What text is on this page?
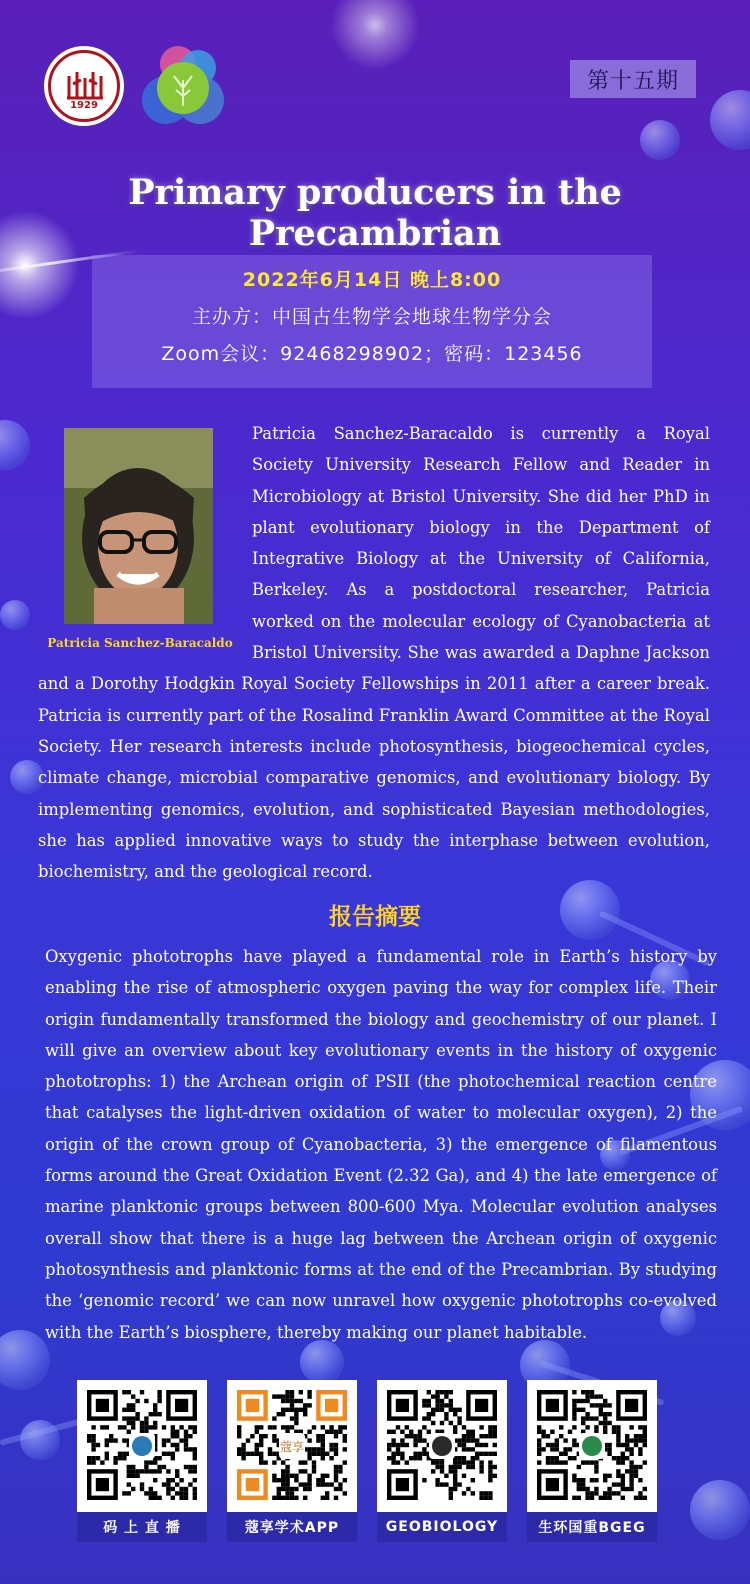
1929
第十五期
Primary producers in the Precambrian
2022年6月14日 晚上8:00
主办方：中国古生物学会地球生物学分会
Zoom会议：92468298902；密码：123456

Patricia Sanchez-Baracaldo is currently a Royal Society University Research Fellow and Reader in Microbiology at Bristol University. She did her PhD in plant evolutionary biology in the Department of Integrative Biology at the University of California, Berkeley. As a postdoctoral researcher, Patricia worked on the molecular ecology of Cyanobacteria at Bristol University. She was awarded a Daphne Jackson and a Dorothy Hodgkin Royal Society Fellowships in 2011 after a career break. Patricia is currently part of the Rosalind Franklin Award Committee at the Royal Society. Her research interests include photosynthesis, biogeochemical cycles, climate change, microbial comparative genomics, and evolutionary biology. By implementing genomics, evolution, and sophisticated Bayesian methodologies, she has applied innovative ways to study the interphase between evolution, biochemistry, and the geological record.

Patricia Sanchez-Baracaldo
报告摘要

Oxygenic phototrophs have played a fundamental role in Earth’s history by enabling the rise of atmospheric oxygen paving the way for complex life. Their origin fundamentally transformed the biology and geochemistry of our planet. I will give an overview about key evolutionary events in the history of oxygenic phototrophs: 1) the Archean origin of PSII (the photochemical reaction centre that catalyses the light-driven oxidation of water to molecular oxygen), 2) the origin of the crown group of Cyanobacteria, 3) the emergence of filamentous forms around the Great Oxidation Event (2.32 Ga), and 4) the late emergence of marine planktonic groups between 800-600 Mya. Molecular evolution analyses overall show that there is a huge lag between the Archean origin of oxygenic photosynthesis and planktonic forms at the end of the Precambrian. By studying the ‘genomic record’ we can now unravel how oxygenic phototrophs co-evolved with the Earth’s biosphere, thereby making our planet habitable.

码 上 直 播
蔻享
蔻享学术APP	GEOBIOLOGY	生环国重BGEG
